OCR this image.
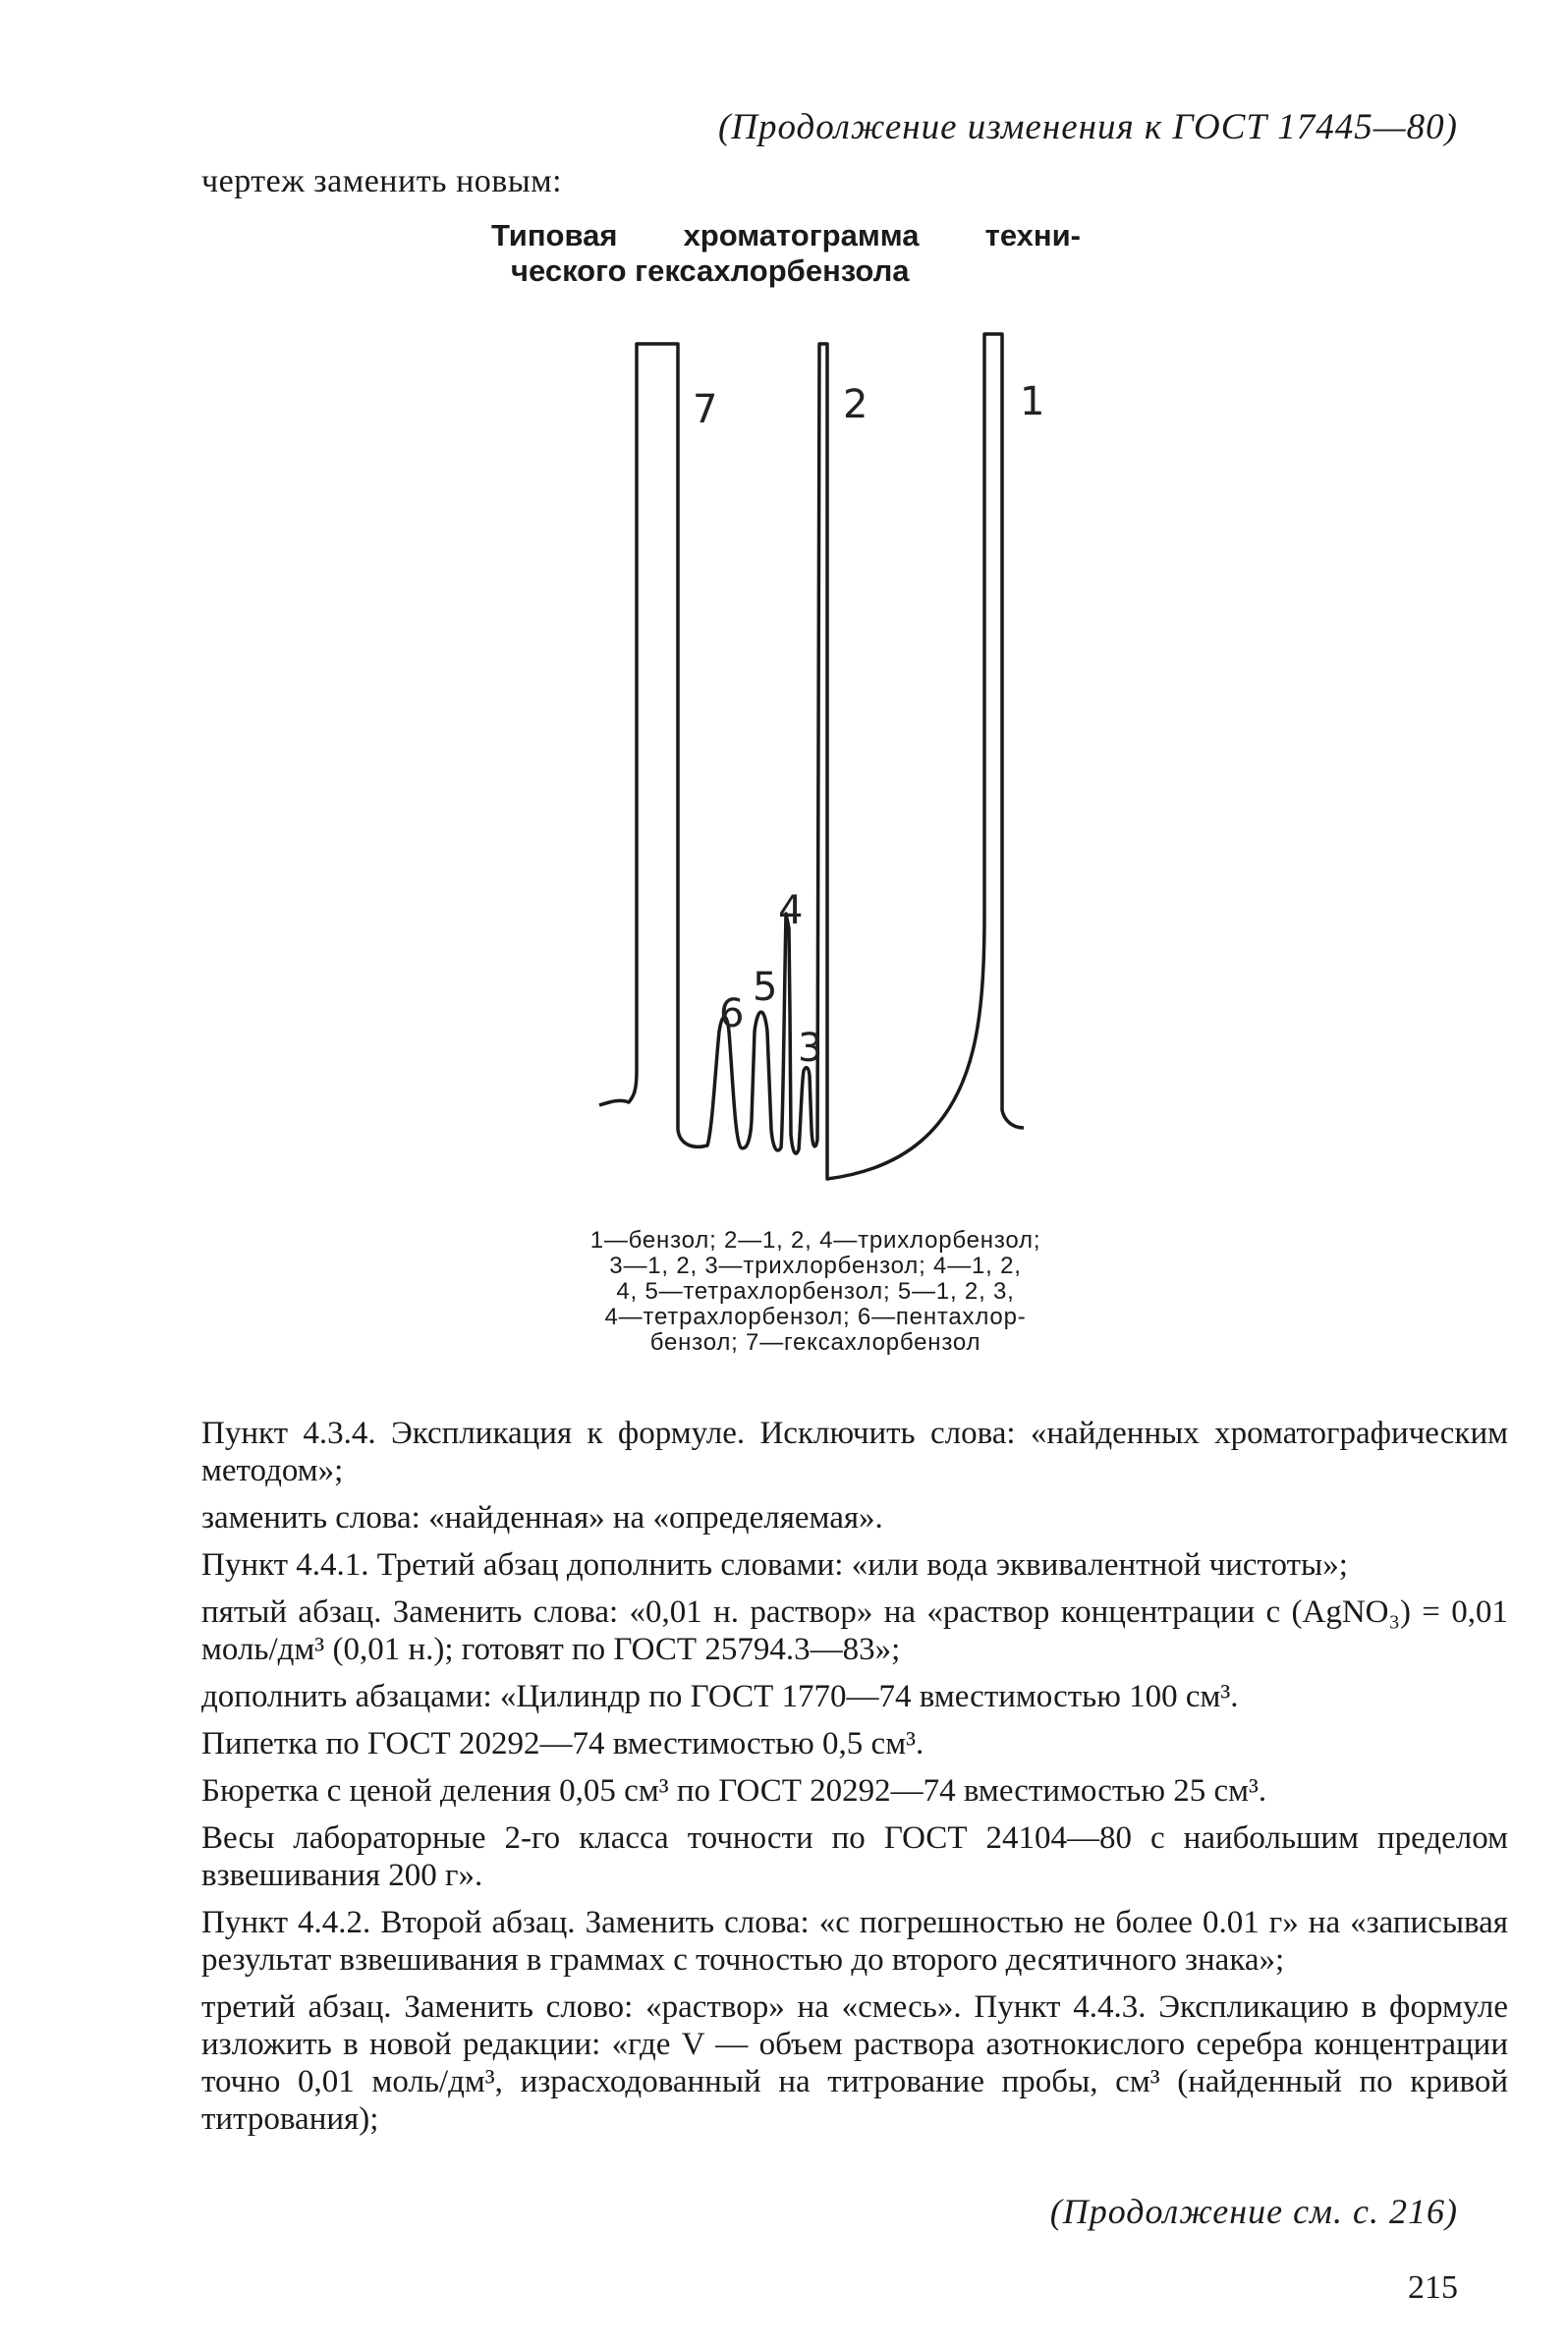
(Продолжение изменения к ГОСТ 17445—80)
чертеж заменить новым:
Типовая хроматограмма техни-
ческого гексахлорбензола
7	2	1
4
6
5
3
1—бензол; 2—1, 2, 4—трихлорбензол;
3—1, 2, 3—трихлорбензол; 4—1, 2,
4, 5—тетрахлорбензол; 5—1, 2, 3,
4—тетрахлорбензол; 6—пентахлор-
бензол; 7—гексахлорбензол

Пункт 4.3.4. Экспликация к формуле. Исключить слова: «найденных хроматографическим методом»;

заменить слова: «найденная» на «определяемая».

Пункт 4.4.1. Третий абзац дополнить словами: «или вода эквивалентной чистоты»;

пятый абзац. Заменить слова: «0,01 н. раствор» на «раствор концентрации с (AgNO₃) = 0,01 моль/дм³ (0,01 н.); готовят по ГОСТ 25794.3—83»;

дополнить абзацами: «Цилиндр по ГОСТ 1770—74 вместимостью 100 см³.

Пипетка по ГОСТ 20292—74 вместимостью 0,5 см³.

Бюретка с ценой деления 0,05 см³ по ГОСТ 20292—74 вместимостью 25 см³.

Весы лабораторные 2-го класса точности по ГОСТ 24104—80 с наибольшим пределом взвешивания 200 г».

Пункт 4.4.2. Второй абзац. Заменить слова: «с погрешностью не более 0.01 г» на «записывая результат взвешивания в граммах с точностью до второго десятичного знака»;

третий абзац. Заменить слово: «раствор» на «смесь». Пункт 4.4.3. Экспликацию в формуле изложить в новой редакции: «где V — объем раствора азотнокислого серебра концентрации точно 0,01 моль/дм³, израсходованный на титрование пробы, см³ (найденный по кривой титрования);

(Продолжение см. с. 216)
215
